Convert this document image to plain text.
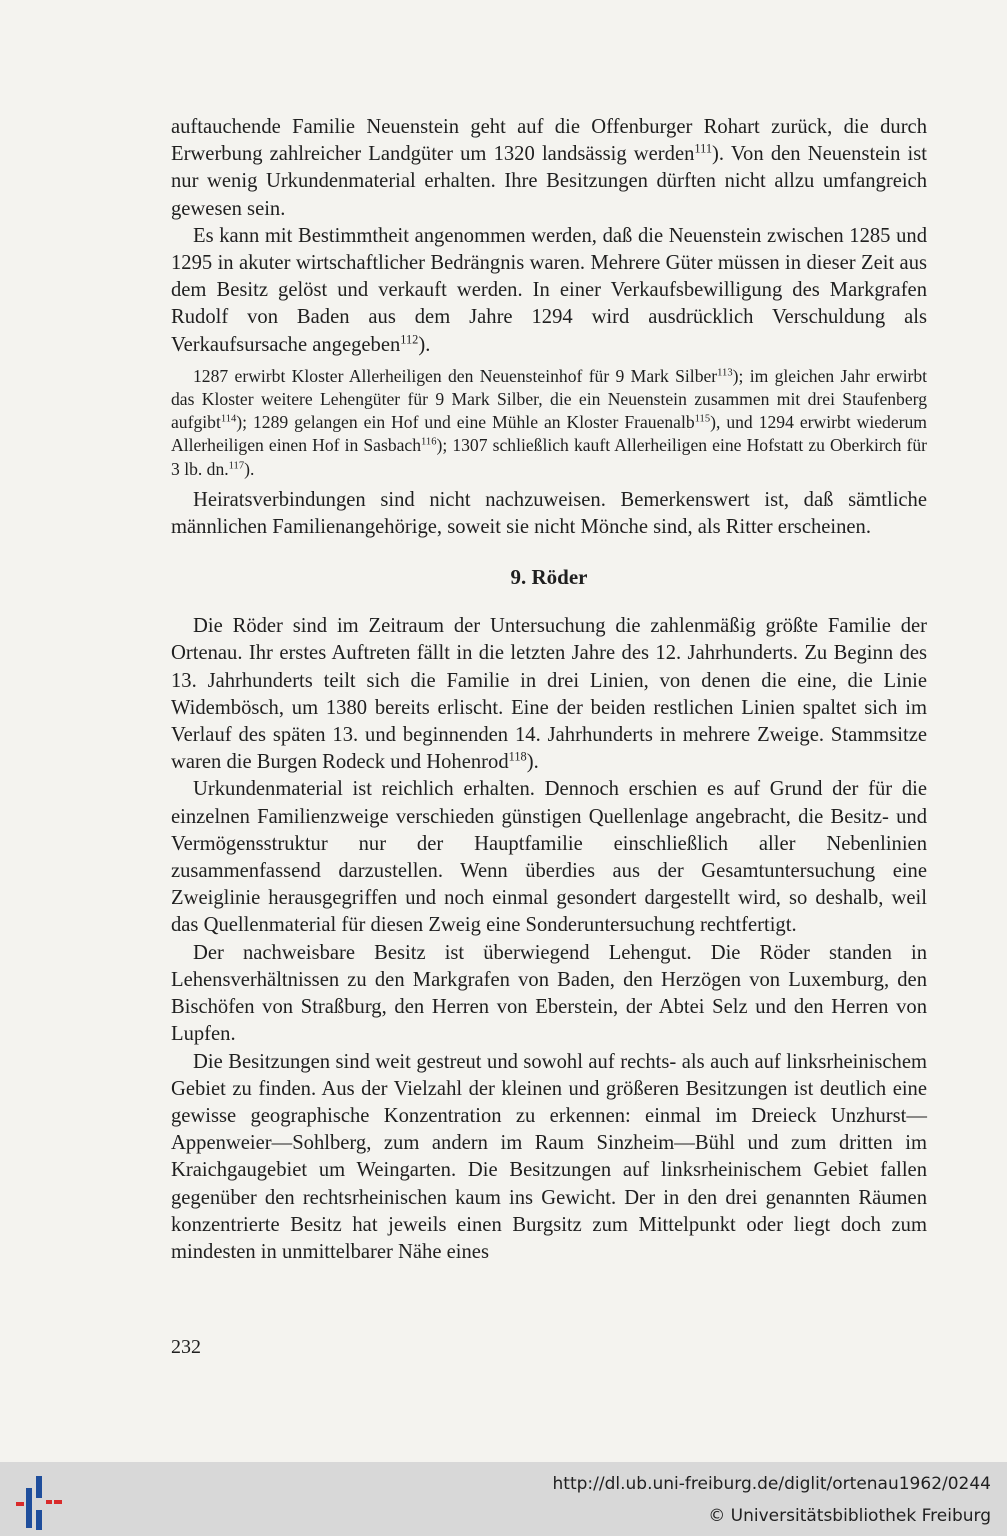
auftauchende Familie Neuenstein geht auf die Offenburger Rohart zurück, die durch Erwerbung zahlreicher Landgüter um 1320 landsässig werden$^{111}$). Von den Neuenstein ist nur wenig Urkundenmaterial erhalten. Ihre Besitzungen dürften nicht allzu umfangreich gewesen sein.

Es kann mit Bestimmtheit angenommen werden, daß die Neuenstein zwischen 1285 und 1295 in akuter wirtschaftlicher Bedrängnis waren. Mehrere Güter müssen in dieser Zeit aus dem Besitz gelöst und verkauft werden. In einer Verkaufsbewilligung des Markgrafen Rudolf von Baden aus dem Jahre 1294 wird ausdrücklich Verschuldung als Verkaufsursache angegeben$^{112}$).

1287 erwirbt Kloster Allerheiligen den Neuensteinhof für 9 Mark Silber$^{113}$); im gleichen Jahr erwirbt das Kloster weitere Lehengüter für 9 Mark Silber, die ein Neuenstein zusammen mit drei Staufenberg aufgibt$^{114}$); 1289 gelangen ein Hof und eine Mühle an Kloster Frauenalb$^{115}$), und 1294 erwirbt wiederum Allerheiligen einen Hof in Sasbach$^{116}$); 1307 schließlich kauft Allerheiligen eine Hofstatt zu Oberkirch für 3 lb. dn.$^{117}$).

Heiratsverbindungen sind nicht nachzuweisen. Bemerkenswert ist, daß sämtliche männlichen Familienangehörige, soweit sie nicht Mönche sind, als Ritter erscheinen.

9. Röder

Die Röder sind im Zeitraum der Untersuchung die zahlenmäßig größte Familie der Ortenau. Ihr erstes Auftreten fällt in die letzten Jahre des 12. Jahrhunderts. Zu Beginn des 13. Jahrhunderts teilt sich die Familie in drei Linien, von denen die eine, die Linie Widembösch, um 1380 bereits erlischt. Eine der beiden restlichen Linien spaltet sich im Verlauf des späten 13. und beginnenden 14. Jahrhunderts in mehrere Zweige. Stammsitze waren die Burgen Rodeck und Hohenrod$^{118}$).

Urkundenmaterial ist reichlich erhalten. Dennoch erschien es auf Grund der für die einzelnen Familienzweige verschieden günstigen Quellenlage angebracht, die Besitz- und Vermögensstruktur nur der Hauptfamilie einschließlich aller Nebenlinien zusammenfassend darzustellen. Wenn überdies aus der Gesamtuntersuchung eine Zweiglinie herausgegriffen und noch einmal gesondert dargestellt wird, so deshalb, weil das Quellenmaterial für diesen Zweig eine Sonderuntersuchung rechtfertigt.

Der nachweisbare Besitz ist überwiegend Lehengut. Die Röder standen in Lehensverhältnissen zu den Markgrafen von Baden, den Herzögen von Luxemburg, den Bischöfen von Straßburg, den Herren von Eberstein, der Abtei Selz und den Herren von Lupfen.

Die Besitzungen sind weit gestreut und sowohl auf rechts- als auch auf linksrheinischem Gebiet zu finden. Aus der Vielzahl der kleinen und größeren Besitzungen ist deutlich eine gewisse geographische Konzentration zu erkennen: einmal im Dreieck Unzhurst—Appenweier—Sohlberg, zum andern im Raum Sinzheim—Bühl und zum dritten im Kraichgaugebiet um Weingarten. Die Besitzungen auf linksrheinischem Gebiet fallen gegenüber den rechtsrheinischen kaum ins Gewicht. Der in den drei genannten Räumen konzentrierte Besitz hat jeweils einen Burgsitz zum Mittelpunkt oder liegt doch zum mindesten in unmittelbarer Nähe eines

232
http://dl.ub.uni-freiburg.de/diglit/ortenau1962/0244
© Universitätsbibliothek Freiburg
